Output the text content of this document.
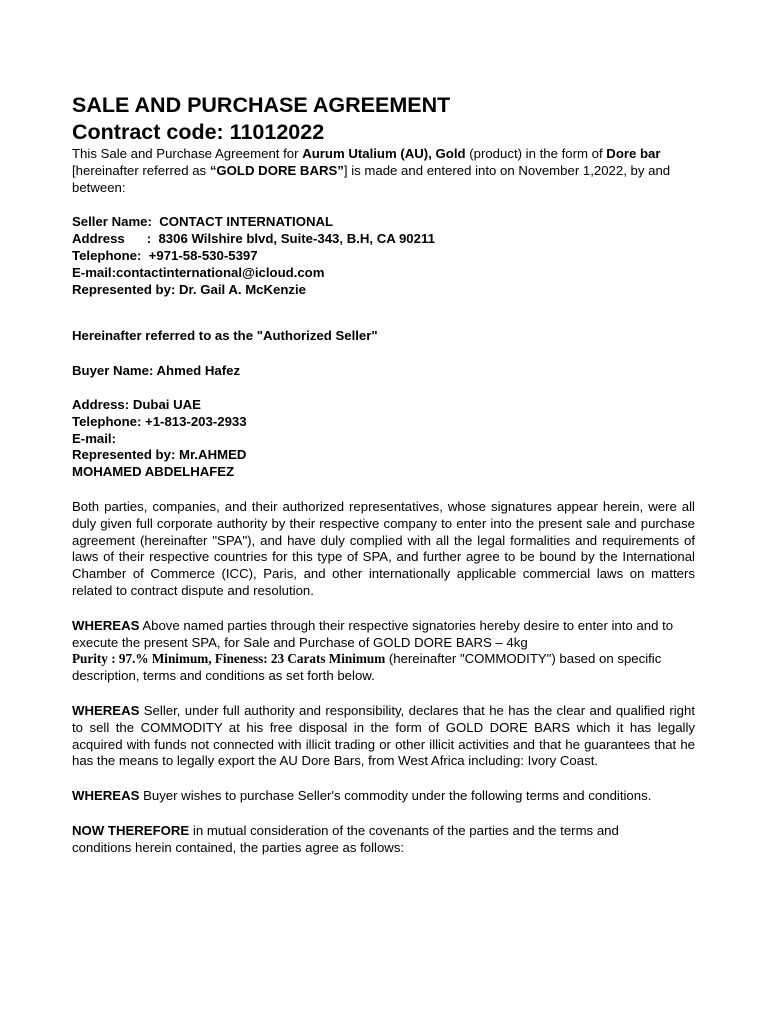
SALE AND PURCHASE AGREEMENT
Contract code: 11012022

This Sale and Purchase Agreement for Aurum Utalium (AU), Gold (product) in the form of Dore bar [hereinafter referred as “GOLD DORE BARS”] is made and entered into on November 1,2022, by and between:

Seller Name:  CONTACT INTERNATIONAL
Address      :  8306 Wilshire blvd, Suite-343, B.H, CA 90211
Telephone:  +971-58-530-5397
E-mail:contactinternational@icloud.com
Represented by: Dr. Gail A. McKenzie

Hereinafter referred to as the "Authorized Seller"

Buyer Name: Ahmed Hafez

Address: Dubai UAE
Telephone: +1-813-203-2933
E-mail:
Represented by: Mr.AHMED
MOHAMED ABDELHAFEZ

Both parties, companies, and their authorized representatives, whose signatures appear herein, were all duly given full corporate authority by their respective company to enter into the present sale and purchase agreement (hereinafter "SPA"), and have duly complied with all the legal formalities and requirements of laws of their respective countries for this type of SPA, and further agree to be bound by the International Chamber of Commerce (ICC), Paris, and other internationally applicable commercial laws on matters related to contract dispute and resolution.

WHEREAS Above named parties through their respective signatories hereby desire to enter into and to execute the present SPA, for Sale and Purchase of GOLD DORE BARS – 4kg
Purity : 97.% Minimum, Fineness: 23 Carats Minimum (hereinafter "COMMODITY") based on specific description, terms and conditions as set forth below.

WHEREAS Seller, under full authority and responsibility, declares that he has the clear and qualified right to sell the COMMODITY at his free disposal in the form of GOLD DORE BARS which it has legally acquired with funds not connected with illicit trading or other illicit activities and that he guarantees that he has the means to legally export the AU Dore Bars, from West Africa including: Ivory Coast.

WHEREAS Buyer wishes to purchase Seller's commodity under the following terms and conditions.

NOW THEREFORE in mutual consideration of the covenants of the parties and the terms and conditions herein contained, the parties agree as follows:
